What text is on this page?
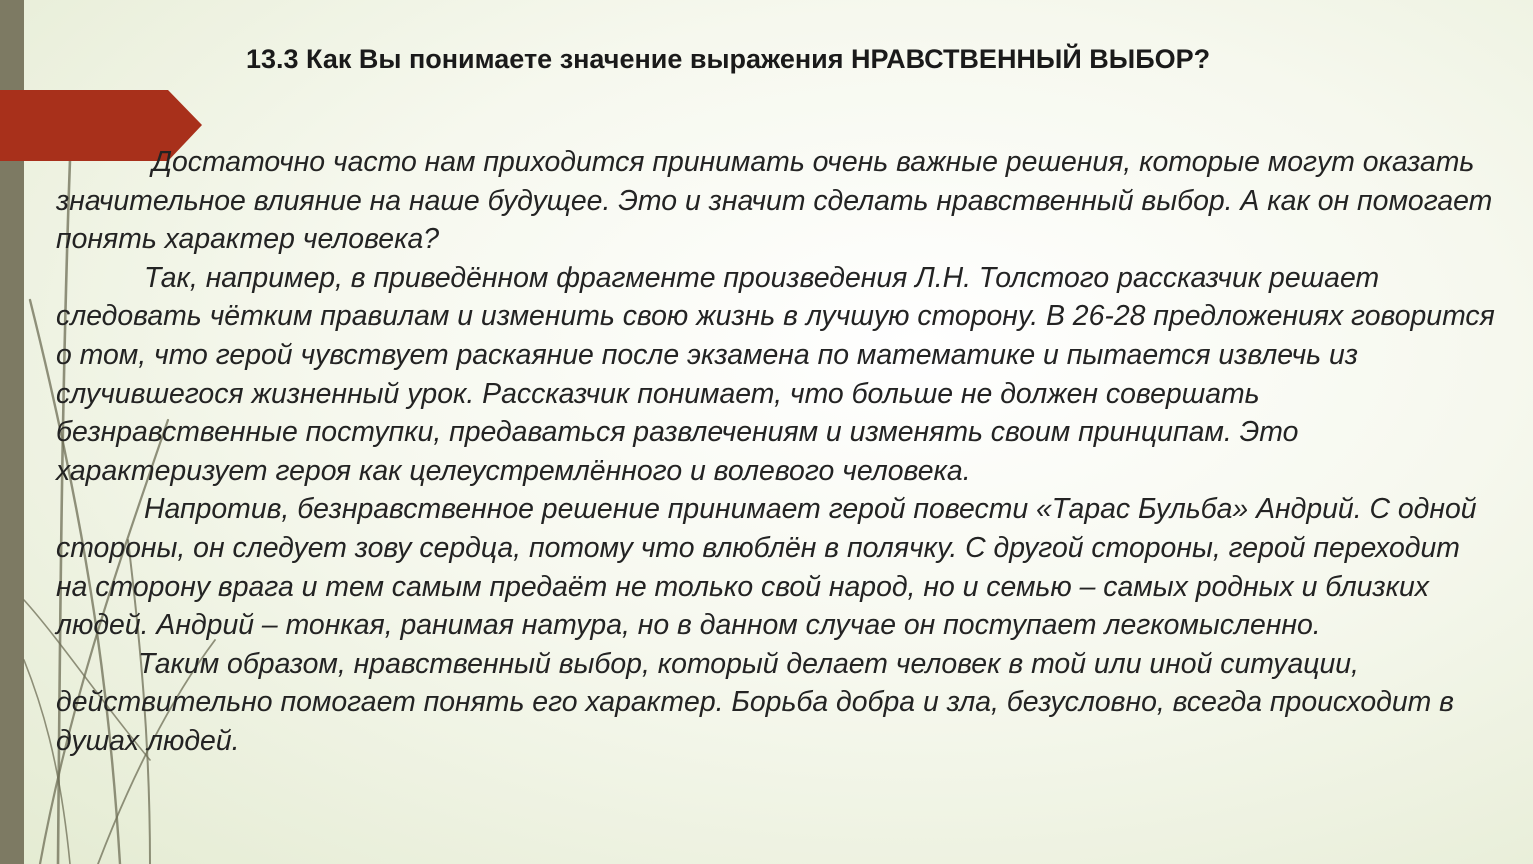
13.3 Как Вы понимаете значение выражения НРАВСТВЕННЫЙ ВЫБОР?

Достаточно часто нам приходится принимать очень важные решения, которые могут оказать значительное влияние на наше будущее. Это и значит сделать нравственный выбор. А как он помогает понять характер человека?

Так, например, в приведённом фрагменте произведения Л.Н. Толстого рассказчик решает следовать чётким правилам и изменить свою жизнь в лучшую сторону. В 26-28 предложениях говорится о том, что герой чувствует раскаяние после экзамена по математике и пытается извлечь из случившегося жизненный урок. Рассказчик понимает, что больше не должен совершать безнравственные поступки, предаваться развлечениям и изменять своим принципам. Это характеризует героя как целеустремлённого и волевого человека.

Напротив, безнравственное решение принимает герой повести «Тарас Бульба» Андрий. С одной стороны, он следует зову сердца, потому что влюблён в полячку. С другой стороны, герой переходит на сторону врага и тем самым предаёт не только свой народ, но и семью – самых родных и близких людей. Андрий – тонкая, ранимая натура, но в данном случае он поступает легкомысленно.

Таким образом, нравственный выбор, который делает человек в той или иной ситуации, действительно помогает понять его характер. Борьба добра и зла, безусловно, всегда происходит в душах людей.
